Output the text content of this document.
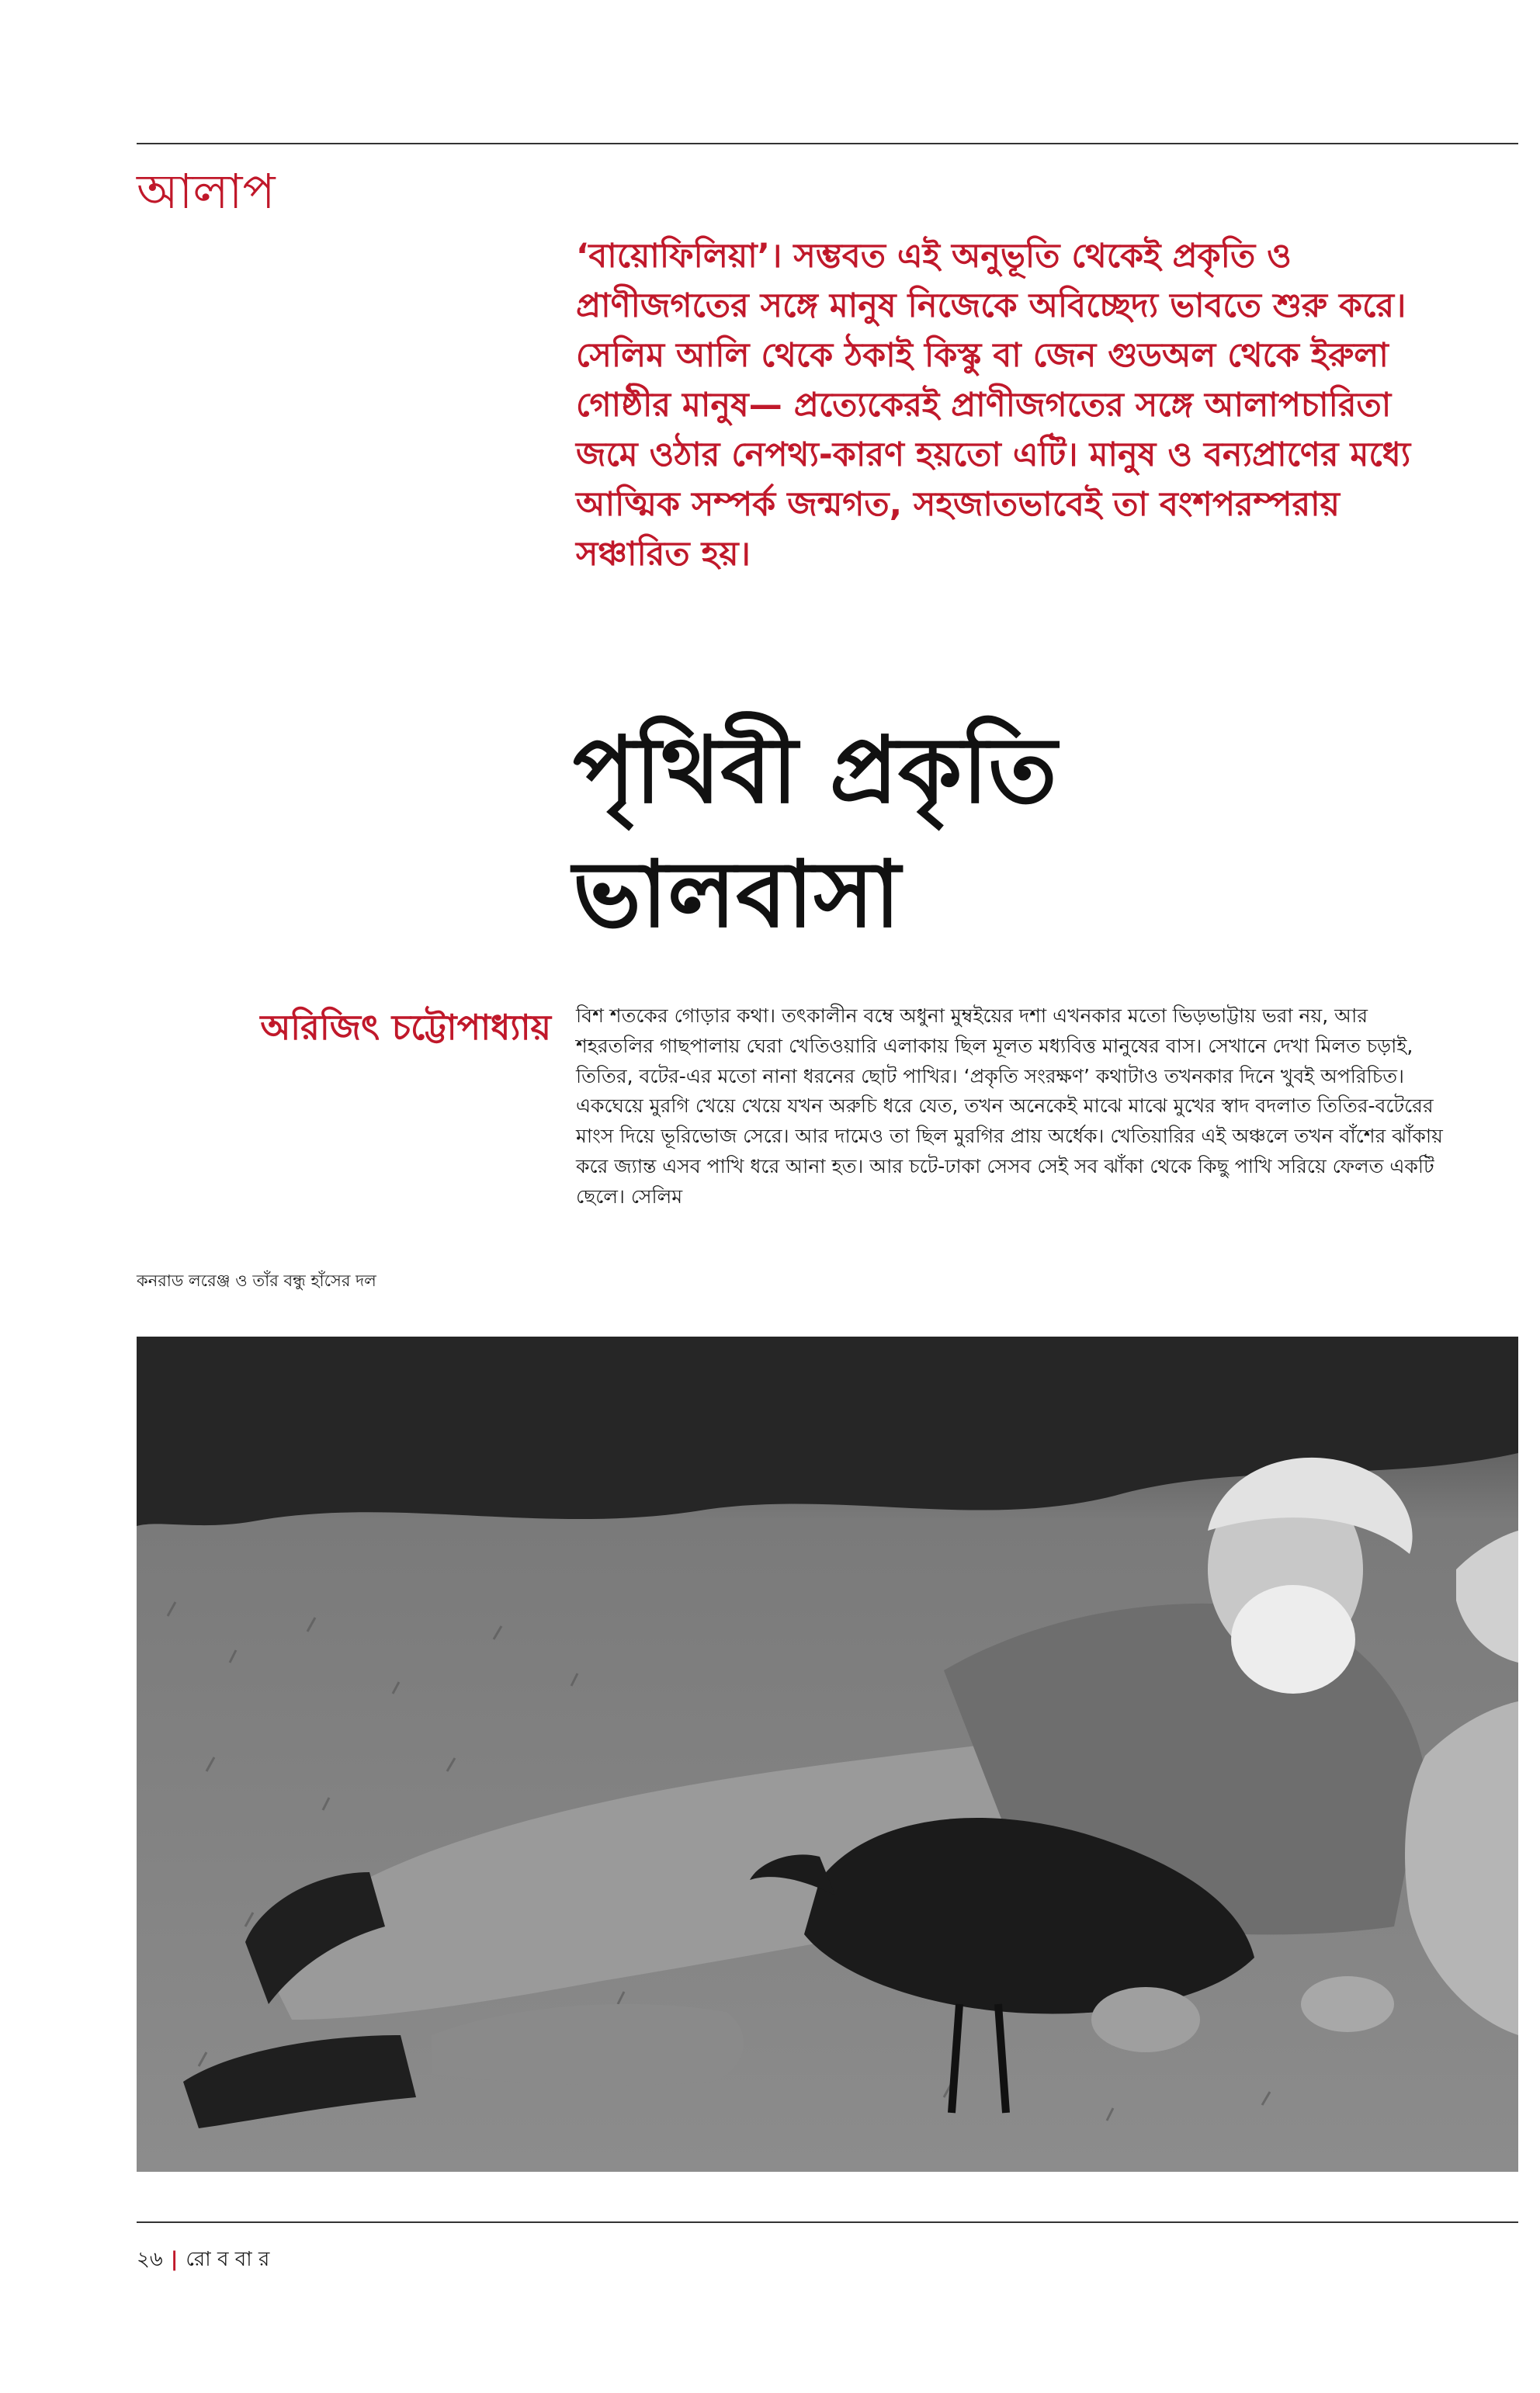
আলাপ

‘বায়োফিলিয়া’। সম্ভবত এই অনুভূতি থেকেই প্রকৃতি ও প্রাণীজগতের সঙ্গে মানুষ নিজেকে অবিচ্ছেদ্য ভাবতে শুরু করে। সেলিম আলি থেকে ঠকাই কিস্কু বা জেন গুডঅল থেকে ইরুলা গোষ্ঠীর মানুষ— প্রত্যেকেরই প্রাণীজগতের সঙ্গে আলাপচারিতা জমে ওঠার নেপথ্য-কারণ হয়তো এটি। মানুষ ও বন্যপ্রাণের মধ্যে আত্মিক সম্পর্ক জন্মগত, সহজাতভাবেই তা বংশপরম্পরায় সঞ্চারিত হয়।

পৃথিবী প্রকৃতি
ভালবাসা

অরিজিৎ চট্টোপাধ্যায় বিশ শতকের গোড়ার কথা। তৎকালীন বম্বে অধুনা মুম্বইয়ের দশা এখনকার মতো ভিড়ভাট্টায় ভরা নয়, আর শহরতলির গাছপালায় ঘেরা খেতিওয়ারি এলাকায় ছিল মূলত মধ্যবিত্ত মানুষের বাস। সেখানে দেখা মিলত চড়াই, তিতির, বটের-এর মতো নানা ধরনের ছোট পাখির। ‘প্রকৃতি সংরক্ষণ’ কথাটাও তখনকার দিনে খুবই অপরিচিত। একঘেয়ে মুরগি খেয়ে খেয়ে যখন অরুচি ধরে যেত, তখন অনেকেই মাঝে মাঝে মুখের স্বাদ বদলাত তিতির-বটেরের মাংস দিয়ে ভূরিভোজ সেরে। আর দামেও তা ছিল মুরগির প্রায় অর্ধেক। খেতিয়ারির এই অঞ্চলে তখন বাঁশের ঝাঁকায় করে জ্যান্ত এসব পাখি ধরে আনা হত। আর চটে-ঢাকা সেসব সেই সব ঝাঁকা থেকে কিছু পাখি সরিয়ে ফেলত একটি ছেলে। সেলিম

কনরাড লরেঞ্জ ও তাঁর বন্ধু হাঁসের দল

২৬ | রো ব বা র
